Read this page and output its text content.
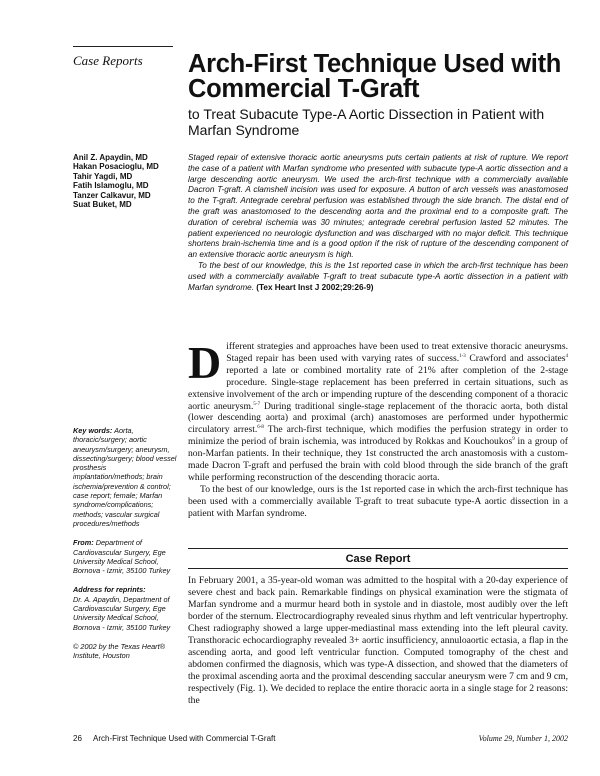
Case Reports	Arch-First Technique Used with Commercial T-Graft
to Treat Subacute Type-A Aortic Dissection in Patient with Marfan Syndrome
Anil Z. Apaydin, MD
Hakan Posacioglu, MD
Tahir Yagdi, MD
Fatih Islamoglu, MD
Tanzer Calkavur, MD
Suat Buket, MD

Staged repair of extensive thoracic aortic aneurysms puts certain patients at risk of rupture. We report the case of a patient with Marfan syndrome who presented with subacute type-A aortic dissection and a large descending aortic aneurysm. We used the arch-first technique with a commercially available Dacron T-graft. A clamshell incision was used for exposure. A button of arch vessels was anastomosed to the T-graft. Antegrade cerebral perfusion was established through the side branch. The distal end of the graft was anastomosed to the descending aorta and the proximal end to a composite graft. The duration of cerebral ischemia was 30 minutes; antegrade cerebral perfusion lasted 52 minutes. The patient experienced no neurologic dysfunction and was discharged with no major deficit. This technique shortens brain-ischemia time and is a good option if the risk of rupture of the descending component of an extensive thoracic aortic aneurysm is high.

To the best of our knowledge, this is the 1st reported case in which the arch-first technique has been used with a commercially available T-graft to treat subacute type-A aortic dissection in a patient with Marfan syndrome. (Tex Heart Inst J 2002;29:26-9)

Different strategies and approaches have been used to treat extensive thoracic aneurysms. Staged repair has been used with varying rates of success.$^{1-3}$ Crawford and associates$^4$ reported a late or combined mortality rate of 21% after completion of the 2-stage procedure. Single-stage replacement has been preferred in certain situations, such as extensive involvement of the arch or impending rupture of the descending component of a thoracic aortic aneurysm.$^{5-7}$ During traditional single-stage replacement of the thoracic aorta, both distal (lower descending aorta) and proximal (arch) anastomoses are performed under hypothermic circulatory arrest.$^{6-8}$ The arch-first technique, which modifies the perfusion strategy in order to minimize the period of brain ischemia, was introduced by Rokkas and Kouchoukos$^9$ in a group of non-Marfan patients. In their technique, they 1st constructed the arch anastomosis with a custom-made Dacron T-graft and perfused the brain with cold blood through the side branch of the graft while performing reconstruction of the descending thoracic aorta.

To the best of our knowledge, ours is the 1st reported case in which the arch-first technique has been used with a commercially available T-graft to treat subacute type-A aortic dissection in a patient with Marfan syndrome.

Key words: Aorta, thoracic/surgery; aortic aneurysm/surgery; aneurysm, dissecting/surgery; blood vessel prosthesis implantation/methods; brain ischemia/prevention & control; case report; female; Marfan syndrome/complications; methods; vascular surgical procedures/methods

From: Department of Cardiovascular Surgery, Ege University Medical School, Bornova - Izmir, 35100 Turkey

Address for reprints:
Dr. A. Apaydin, Department of Cardiovascular Surgery, Ege University Medical School, Bornova - Izmir, 35100 Turkey

© 2002 by the Texas Heart® Institute, Houston

Case Report

In February 2001, a 35-year-old woman was admitted to the hospital with a 20-day experience of severe chest and back pain. Remarkable findings on physical examination were the stigmata of Marfan syndrome and a murmur heard both in systole and in diastole, most audibly over the left border of the sternum. Electrocardiography revealed sinus rhythm and left ventricular hypertrophy. Chest radiography showed a large upper-mediastinal mass extending into the left pleural cavity. Transthoracic echocardiography revealed 3+ aortic insufficiency, annuloaortic ectasia, a flap in the ascending aorta, and good left ventricular function. Computed tomography of the chest and abdomen confirmed the diagnosis, which was type-A dissection, and showed that the diameters of the proximal ascending aorta and the proximal descending saccular aneurysm were 7 cm and 9 cm, respectively (Fig. 1). We decided to replace the entire thoracic aorta in a single stage for 2 reasons: the

26 Arch-First Technique Used with Commercial T-Graft	Volume 29, Number 1, 2002
